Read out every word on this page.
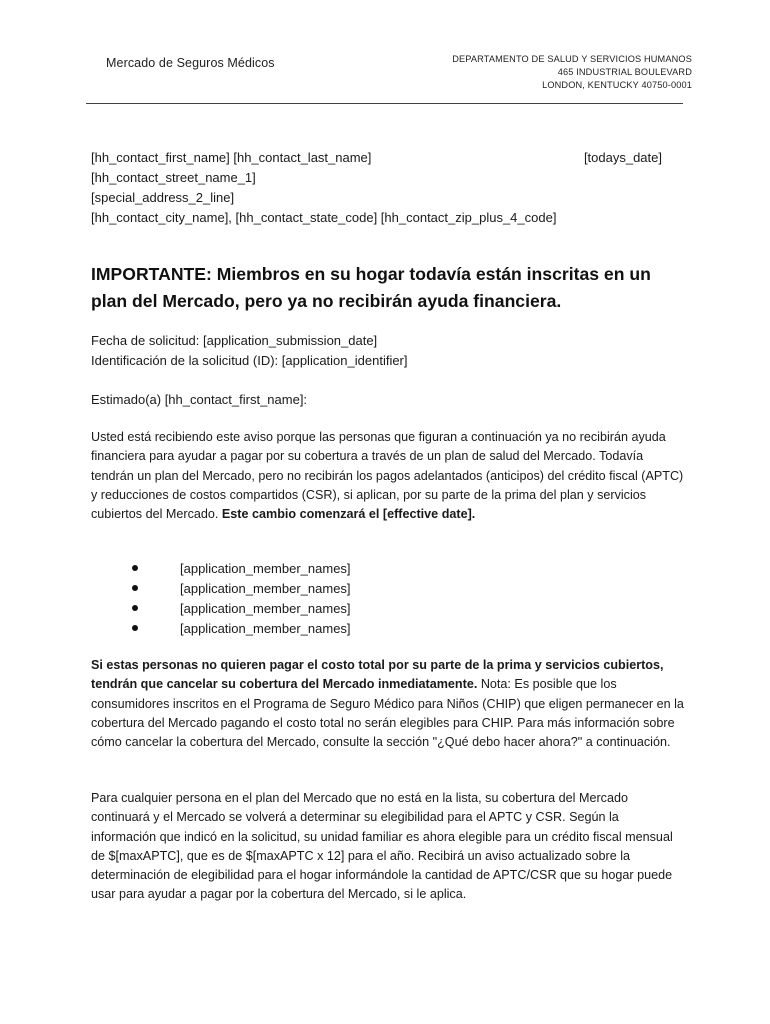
Mercado de Seguros Médicos	DEPARTAMENTO DE SALUD Y SERVICIOS HUMANOS
465 INDUSTRIAL BOULEVARD
LONDON, KENTUCKY 40750-0001
[hh_contact_first_name] [hh_contact_last_name]
[hh_contact_street_name_1]
[special_address_2_line]
[hh_contact_city_name], [hh_contact_state_code] [hh_contact_zip_plus_4_code]
[todays_date]
IMPORTANTE: Miembros en su hogar todavía están inscritas en un plan del Mercado, pero ya no recibirán ayuda financiera.
Fecha de solicitud: [application_submission_date]
Identificación de la solicitud (ID): [application_identifier]
Estimado(a) [hh_contact_first_name]:
Usted está recibiendo este aviso porque las personas que figuran a continuación ya no recibirán ayuda financiera para ayudar a pagar por su cobertura a través de un plan de salud del Mercado. Todavía tendrán un plan del Mercado, pero no recibirán los pagos adelantados (anticipos) del crédito fiscal (APTC) y reducciones de costos compartidos (CSR), si aplican, por su parte de la prima del plan y servicios cubiertos del Mercado. Este cambio comenzará el [effective date].
[application_member_names]
[application_member_names]
[application_member_names]
[application_member_names]
Si estas personas no quieren pagar el costo total por su parte de la prima y servicios cubiertos, tendrán que cancelar su cobertura del Mercado inmediatamente. Nota: Es posible que los consumidores inscritos en el Programa de Seguro Médico para Niños (CHIP) que eligen permanecer en la cobertura del Mercado pagando el costo total no serán elegibles para CHIP. Para más información sobre cómo cancelar la cobertura del Mercado, consulte la sección "¿Qué debo hacer ahora?" a continuación.
Para cualquier persona en el plan del Mercado que no está en la lista, su cobertura del Mercado continuará y el Mercado se volverá a determinar su elegibilidad para el APTC y CSR. Según la información que indicó en la solicitud, su unidad familiar es ahora elegible para un crédito fiscal mensual de $[maxAPTC], que es de $[maxAPTC x 12] para el año. Recibirá un aviso actualizado sobre la determinación de elegibilidad para el hogar informándole la cantidad de APTC/CSR que su hogar puede usar para ayudar a pagar por la cobertura del Mercado, si le aplica.
